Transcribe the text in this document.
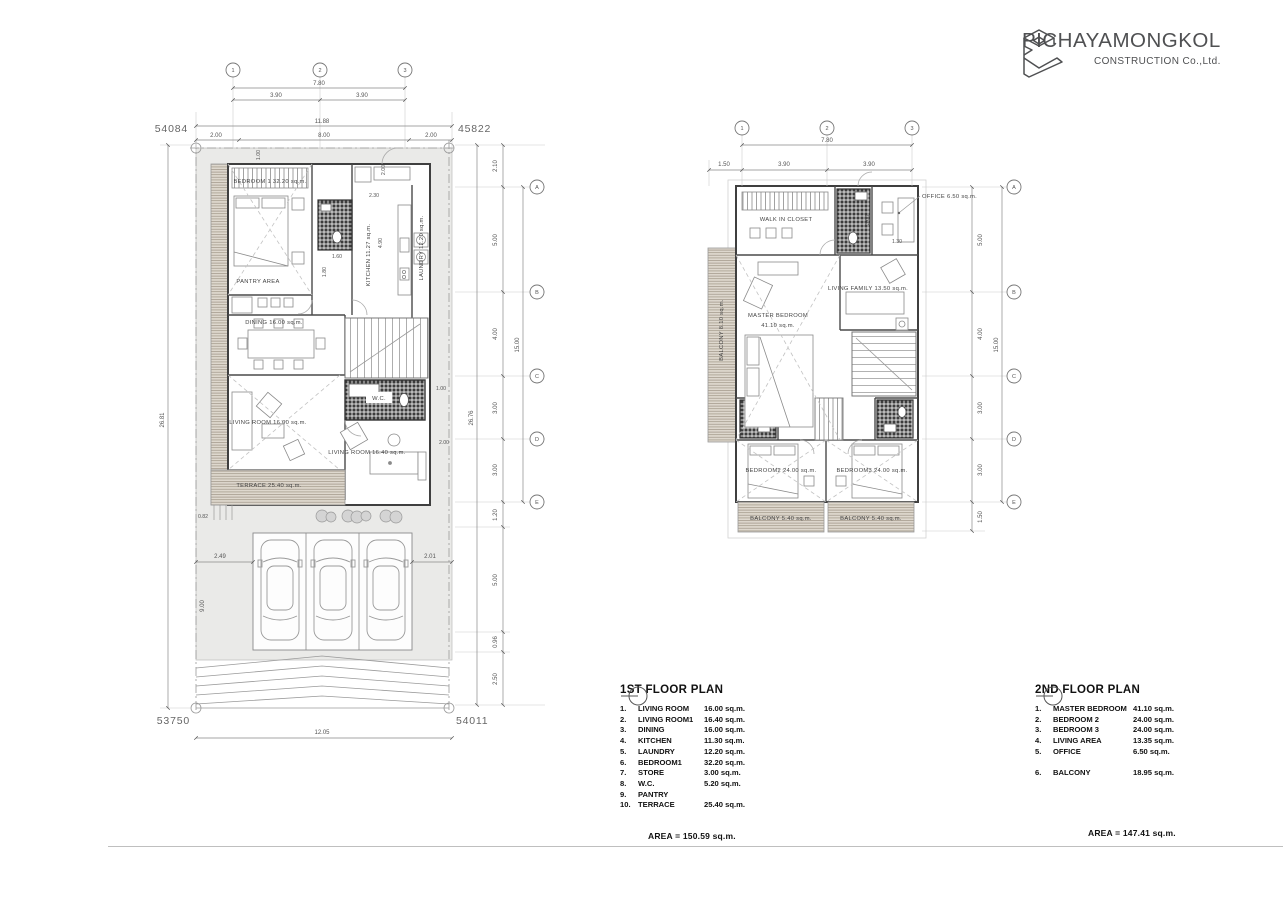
PICHAYAMONGKOL
CONSTRUCTION Co.,Ltd.
1	2	3
A
B
C
D
E
7.80
3.90	3.90
11.88
2.00	8.00	2.00
2.10
5.00
4.00
3.00
3.00
1.20
5.00
0.96
2.50
15.00
26.76
26.81
9.00
0.82
2.49	2.01
12.05
1.00
2.00
2.30
4.90
1.60
1.80
1.00
2.00
54084	45822
53750	54011
BEDROOM 1 32.20 sq.m.
PANTRY AREA
DINING 16.00 sq.m.
KITCHEN 11.27 sq.m.	LAUNDRY 12.20 sq.m.
W.C.
LIVING ROOM 16.00 sq.m.
LIVING ROOM 16.40 sq.m.
TERRACE 25.40 sq.m.
1	2	3
A
B
C
D
E
7.80
1.50	3.90	3.90
5.00
4.00
3.00
3.00
1.50
15.00
1.30
3.00
WALK IN CLOSET
OFFICE 6.50 sq.m.
MASTER BEDROOM
41.10 sq.m.
LIVING FAMILY 13.50 sq.m.
BALCONY 8.10 sq.m.
BEDROOM2 24.00 sq.m.	BEDROOM3 24.00 sq.m.
BALCONY 5.40 sq.m.	BALCONY 5.40 sq.m.
1ST FLOOR PLAN
1.	LIVING ROOM	16.00 sq.m.
2.	LIVING ROOM1	16.40 sq.m.
3.	DINING	16.00 sq.m.
4.	KITCHEN	11.30 sq.m.
5.	LAUNDRY	12.20 sq.m.
6.	BEDROOM1	32.20 sq.m.
7.	STORE	3.00 sq.m.
8.	W.C.	5.20 sq.m.
9.	PANTRY
10. TERRACE	25.40 sq.m.
AREA = 150.59 sq.m.
2ND FLOOR PLAN
1.	MASTER BEDROOM 41.10 sq.m.
2.	BEDROOM 2	24.00 sq.m.
3.	BEDROOM 3	24.00 sq.m.
4.	LIVING AREA	13.35 sq.m.
5.	OFFICE	6.50 sq.m.
6.	BALCONY	18.95 sq.m.
AREA = 147.41 sq.m.
